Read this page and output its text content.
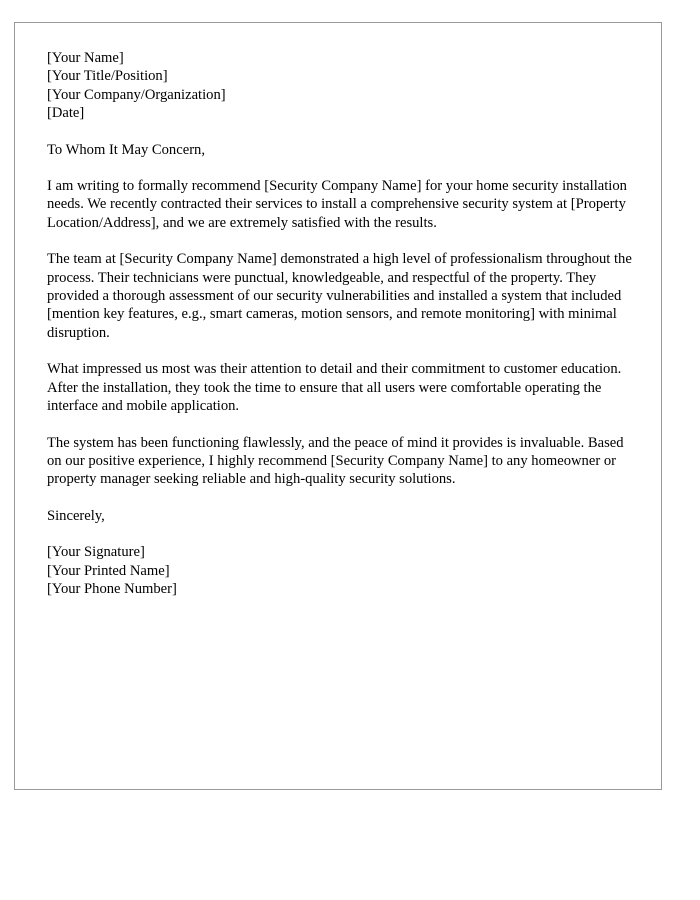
[Your Name]
[Your Title/Position]
[Your Company/Organization]
[Date]
To Whom It May Concern,

I am writing to formally recommend [Security Company Name] for your home security installation needs. We recently contracted their services to install a comprehensive security system at [Property Location/Address], and we are extremely satisfied with the results.

The team at [Security Company Name] demonstrated a high level of professionalism throughout the process. Their technicians were punctual, knowledgeable, and respectful of the property. They provided a thorough assessment of our security vulnerabilities and installed a system that included [mention key features, e.g., smart cameras, motion sensors, and remote monitoring] with minimal disruption.

What impressed us most was their attention to detail and their commitment to customer education. After the installation, they took the time to ensure that all users were comfortable operating the interface and mobile application.

The system has been functioning flawlessly, and the peace of mind it provides is invaluable. Based on our positive experience, I highly recommend [Security Company Name] to any homeowner or property manager seeking reliable and high-quality security solutions.

Sincerely,
[Your Signature]
[Your Printed Name]
[Your Phone Number]
